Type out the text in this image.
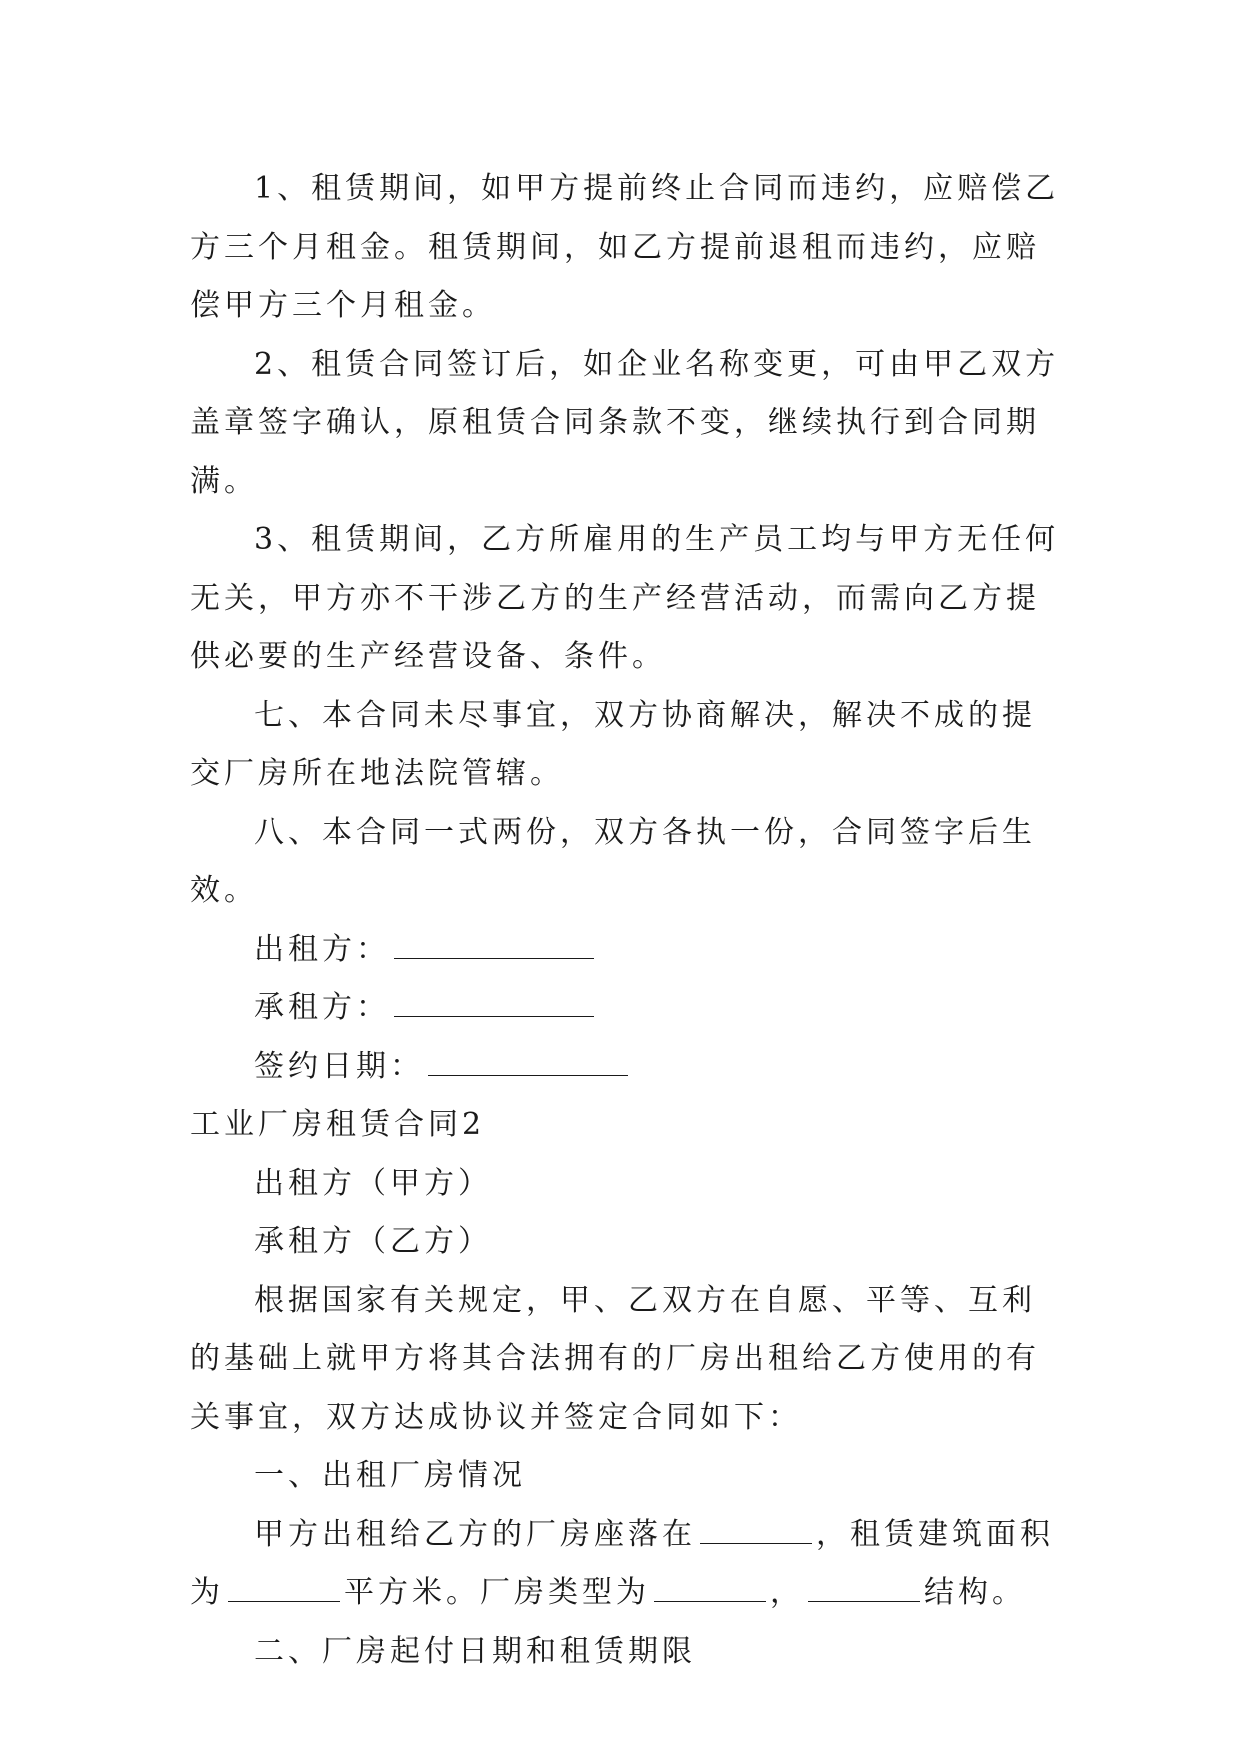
1、租赁期间，如甲方提前终止合同而违约，应赔偿乙方三个月租金。租赁期间，如乙方提前退租而违约，应赔偿甲方三个月租金。

2、租赁合同签订后，如企业名称变更，可由甲乙双方盖章签字确认，原租赁合同条款不变，继续执行到合同期满。

3、租赁期间，乙方所雇用的生产员工均与甲方无任何无关，甲方亦不干涉乙方的生产经营活动，而需向乙方提供必要的生产经营设备、条件。

七、本合同未尽事宜，双方协商解决，解决不成的提交厂房所在地法院管辖。

八、本合同一式两份，双方各执一份，合同签字后生效。

出租方：

承租方：

签约日期：

工业厂房租赁合同2

出租方（甲方）

承租方（乙方）

根据国家有关规定，甲、乙双方在自愿、平等、互利的基础上就甲方将其合法拥有的厂房出租给乙方使用的有关事宜，双方达成协议并签定合同如下：

一、出租厂房情况

甲方出租给乙方的厂房座落在	，租赁建筑面积为	平方米。厂房类型为	，	结构。

二、厂房起付日期和租赁期限
